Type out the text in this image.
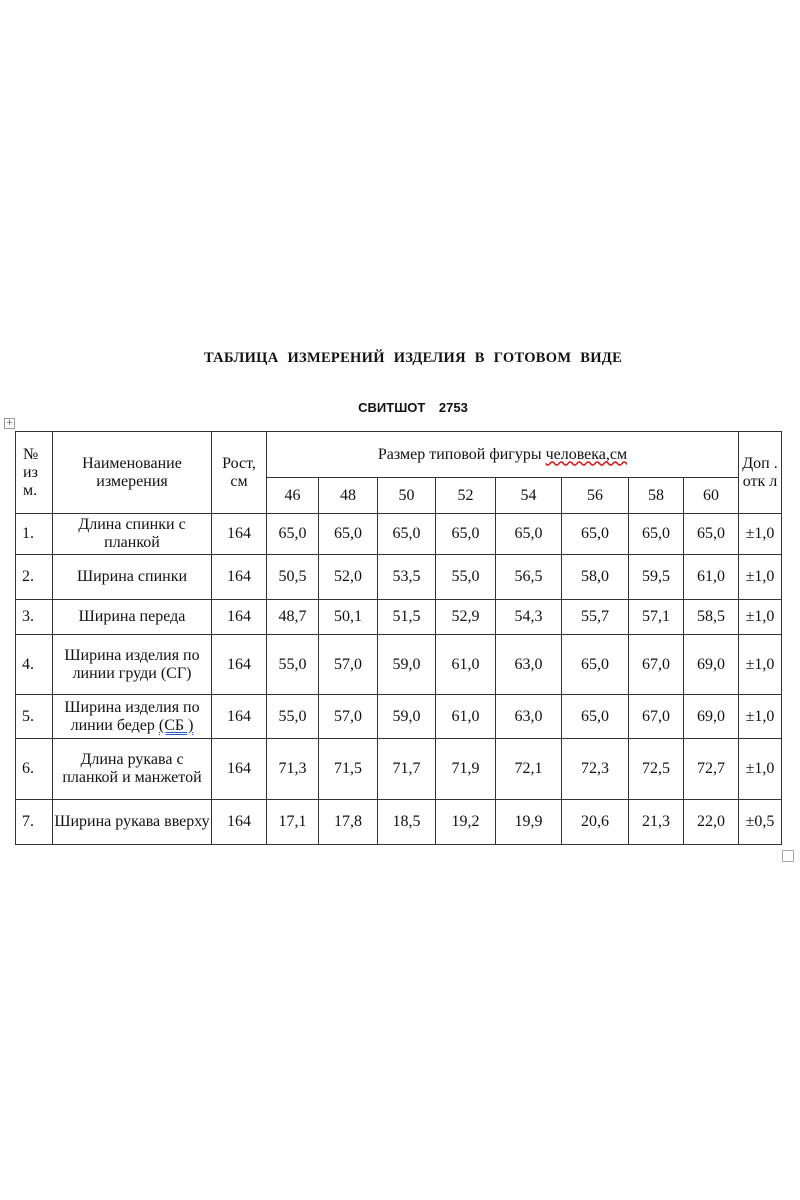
ТАБЛИЦА ИЗМЕРЕНИЙ ИЗДЕЛИЯ В ГОТОВОМ ВИДЕ
СВИТШОТ 2753
+
№ из м.	Наименование измерения	Рост, см	Размер типовой фигуры человека,см								Доп . отк л
			46	48	50	52	54	56	58	60	
1.	Длина спинки с планкой	164	65,0	65,0	65,0	65,0	65,0	65,0	65,0	65,0	±1,0
2.	Ширина спинки	164	50,5	52,0	53,5	55,0	56,5	58,0	59,5	61,0	±1,0
3.	Ширина переда	164	48,7	50,1	51,5	52,9	54,3	55,7	57,1	58,5	±1,0
4.	Ширина изделия по линии груди (СГ)	164	55,0	57,0	59,0	61,0	63,0	65,0	67,0	69,0	±1,0
5.	Ширина изделия по линии бедер (СБ )	164	55,0	57,0	59,0	61,0	63,0	65,0	67,0	69,0	±1,0
6.	Длина рукава с планкой и манжетой	164	71,3	71,5	71,7	71,9	72,1	72,3	72,5	72,7	±1,0
7.	Ширина рукава вверху	164	17,1	17,8	18,5	19,2	19,9	20,6	21,3	22,0	±0,5
